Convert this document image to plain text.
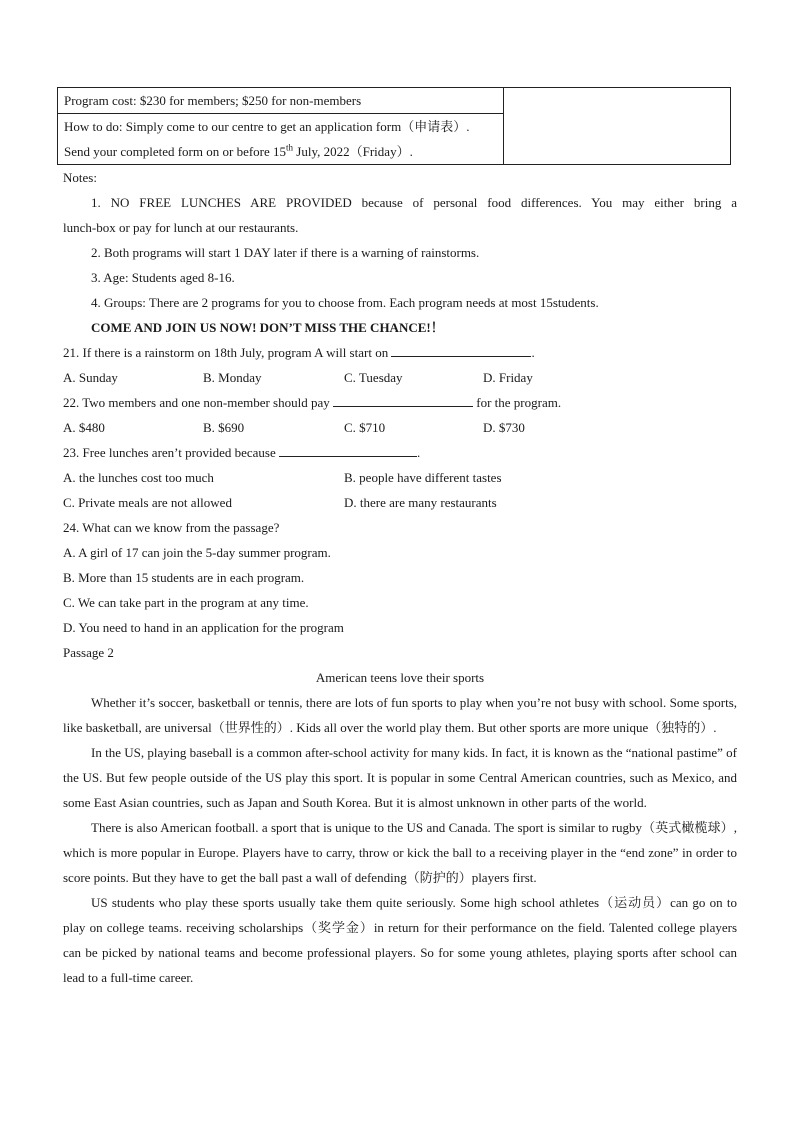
Program cost: $230 for members; $250 for non-members	

How to do: Simply come to our centre to get an application form（申请表）.
Send your completed form on or before 15th July, 2022（Friday）.
Notes:
1. NO FREE LUNCHES ARE PROVIDED because of personal food differences. You may either bring a
lunch-box or pay for lunch at our restaurants.
2. Both programs will start 1 DAY later if there is a warning of rainstorms.
3. Age: Students aged 8-16.
4. Groups: There are 2 programs for you to choose from. Each program needs at most 15students.
COME AND JOIN US NOW! DON’T MISS THE CHANCE!！
21. If there is a rainstorm on 18th July, program A will start on	.
A. Sunday	B. Monday	C. Tuesday	D. Friday
22. Two members and one non-member should pay	for the program.
A. $480	B. $690	C. $710	D. $730
23. Free lunches aren’t provided because	.
A. the lunches cost too much	B. people have different tastes
C. Private meals are not allowed	D. there are many restaurants
24. What can we know from the passage?
A. A girl of 17 can join the 5-day summer program.
B. More than 15 students are in each program.
C. We can take part in the program at any time.
D. You need to hand in an application for the program
Passage 2
American teens love their sports
Whether it’s soccer, basketball or tennis, there are lots of fun sports to play when you’re not busy with school. Some sports, like basketball, are universal（世界性的）. Kids all over the world play them. But other sports are more unique（独特的）.
In the US, playing baseball is a common after-school activity for many kids. In fact, it is known as the “national pastime” of the US. But few people outside of the US play this sport. It is popular in some Central American countries, such as Mexico, and some East Asian countries, such as Japan and South Korea. But it is almost unknown in other parts of the world.
There is also American football. a sport that is unique to the US and Canada. The sport is similar to rugby（英式橄榄球）, which is more popular in Europe. Players have to carry, throw or kick the ball to a receiving player in the “end zone” in order to score points. But they have to get the ball past a wall of defending（防护的）players first.
US students who play these sports usually take them quite seriously. Some high school athletes（运动员）can go on to play on college teams. receiving scholarships（奖学金）in return for their performance on the field. Talented college players can be picked by national teams and become professional players. So for some young athletes, playing sports after school can lead to a full-time career.
